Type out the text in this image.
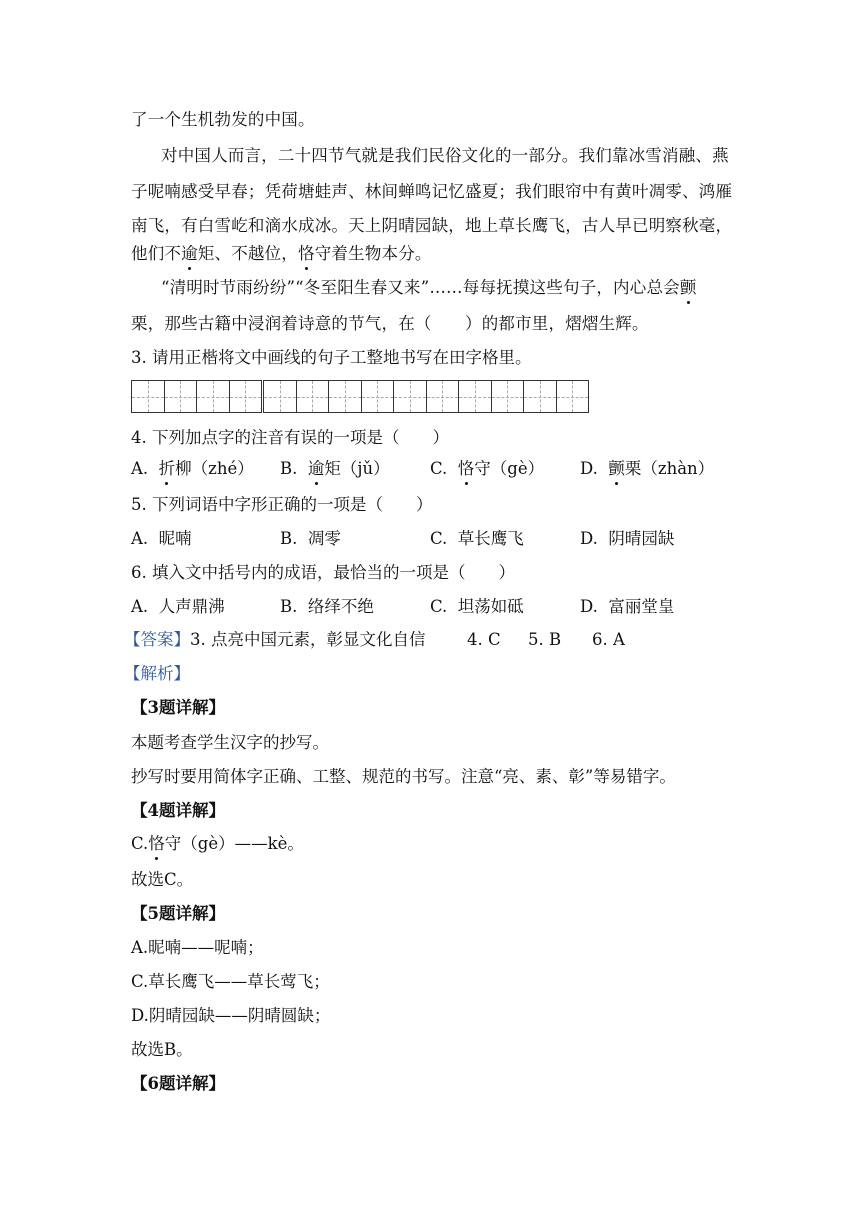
了一个生机勃发的中国。
对中国人而言，二十四节气就是我们民俗文化的一部分。我们靠冰雪消融、燕
子呢喃感受早春；凭荷塘蛙声、林间蝉鸣记忆盛夏；我们眼帘中有黄叶凋零、鸿雁
南飞，有白雪屹和滴水成冰。天上阴晴园缺，地上草长鹰飞，古人早已明察秋毫，
他们不逾矩、不越位，恪守着生物本分。
“清明时节雨纷纷”“冬至阳生春又来”……每每抚摸这些句子，内心总会颤
栗，那些古籍中浸润着诗意的节气，在（　　）的都市里，熠熠生辉。
3. 请用正楷将文中画线的句子工整地书写在田字格里。
4. 下列加点字的注音有误的一项是（　　）
A. 折柳（zhé） B. 逾矩（jǔ） C. 恪守（gè） D. 颤栗（zhàn）
5. 下列词语中字形正确的一项是（　　）
A. 昵喃	B. 凋零	C. 草长鹰飞	D. 阴晴园缺
6. 填入文中括号内的成语，最恰当的一项是（　　）
A. 人声鼎沸	B. 络绎不绝	C. 坦荡如砥	D. 富丽堂皇
【答案】3. 点亮中国元素，彰显文化自信	4. C 5. B 6. A
【解析】
【3题详解】
本题考查学生汉字的抄写。
抄写时要用简体字正确、工整、规范的书写。注意“亮、素、彰”等易错字。
【4题详解】
C.恪守（gè）——kè。
故选C。
【5题详解】
A.昵喃——呢喃；
C.草长鹰飞——草长莺飞；
D.阴晴园缺——阴晴圆缺；
故选B。
【6题详解】
